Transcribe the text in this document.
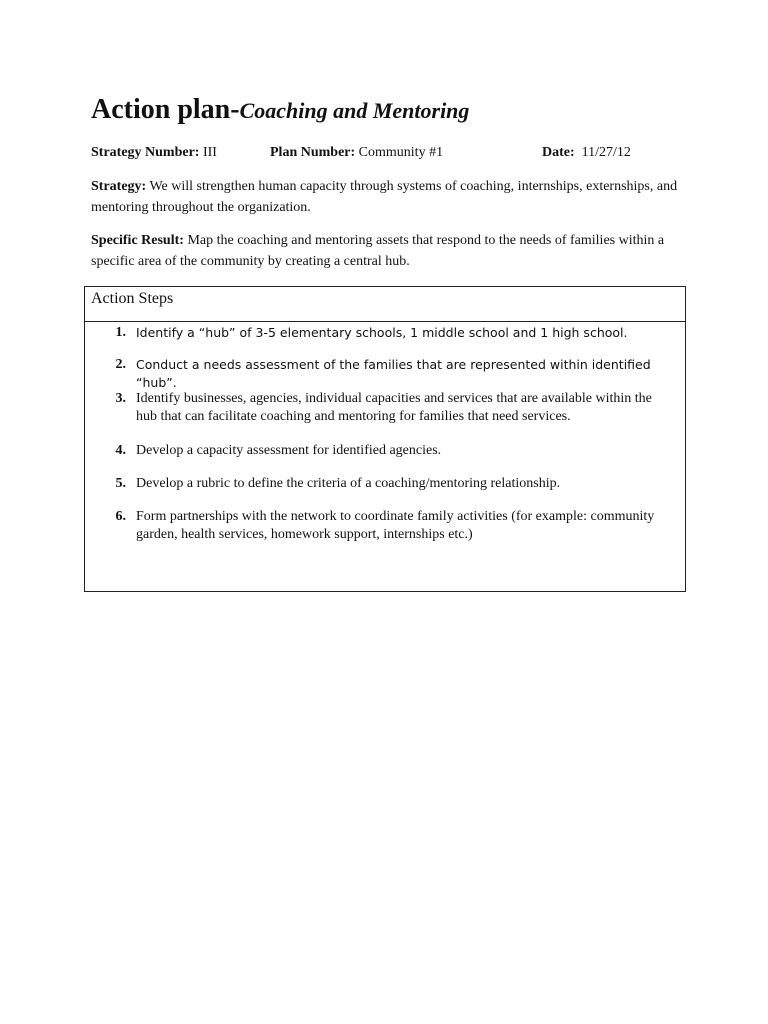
Action plan-Coaching and Mentoring
Strategy Number: III	Plan Number: Community #1	Date: 11/27/12

Strategy: We will strengthen human capacity through systems of coaching, internships, externships, and mentoring throughout the organization.

Specific Result: Map the coaching and mentoring assets that respond to the needs of families within a specific area of the community by creating a central hub.

Action Steps
1. Identify a “hub” of 3-5 elementary schools, 1 middle school and 1 high school.
2. Conduct a needs assessment of the families that are represented within identified “hub”.
3. Identify businesses, agencies, individual capacities and services that are available within the hub that can facilitate coaching and mentoring for families that need services.
4. Develop a capacity assessment for identified agencies.
5. Develop a rubric to define the criteria of a coaching/mentoring relationship.
6. Form partnerships with the network to coordinate family activities (for example: community garden, health services, homework support, internships etc.)
